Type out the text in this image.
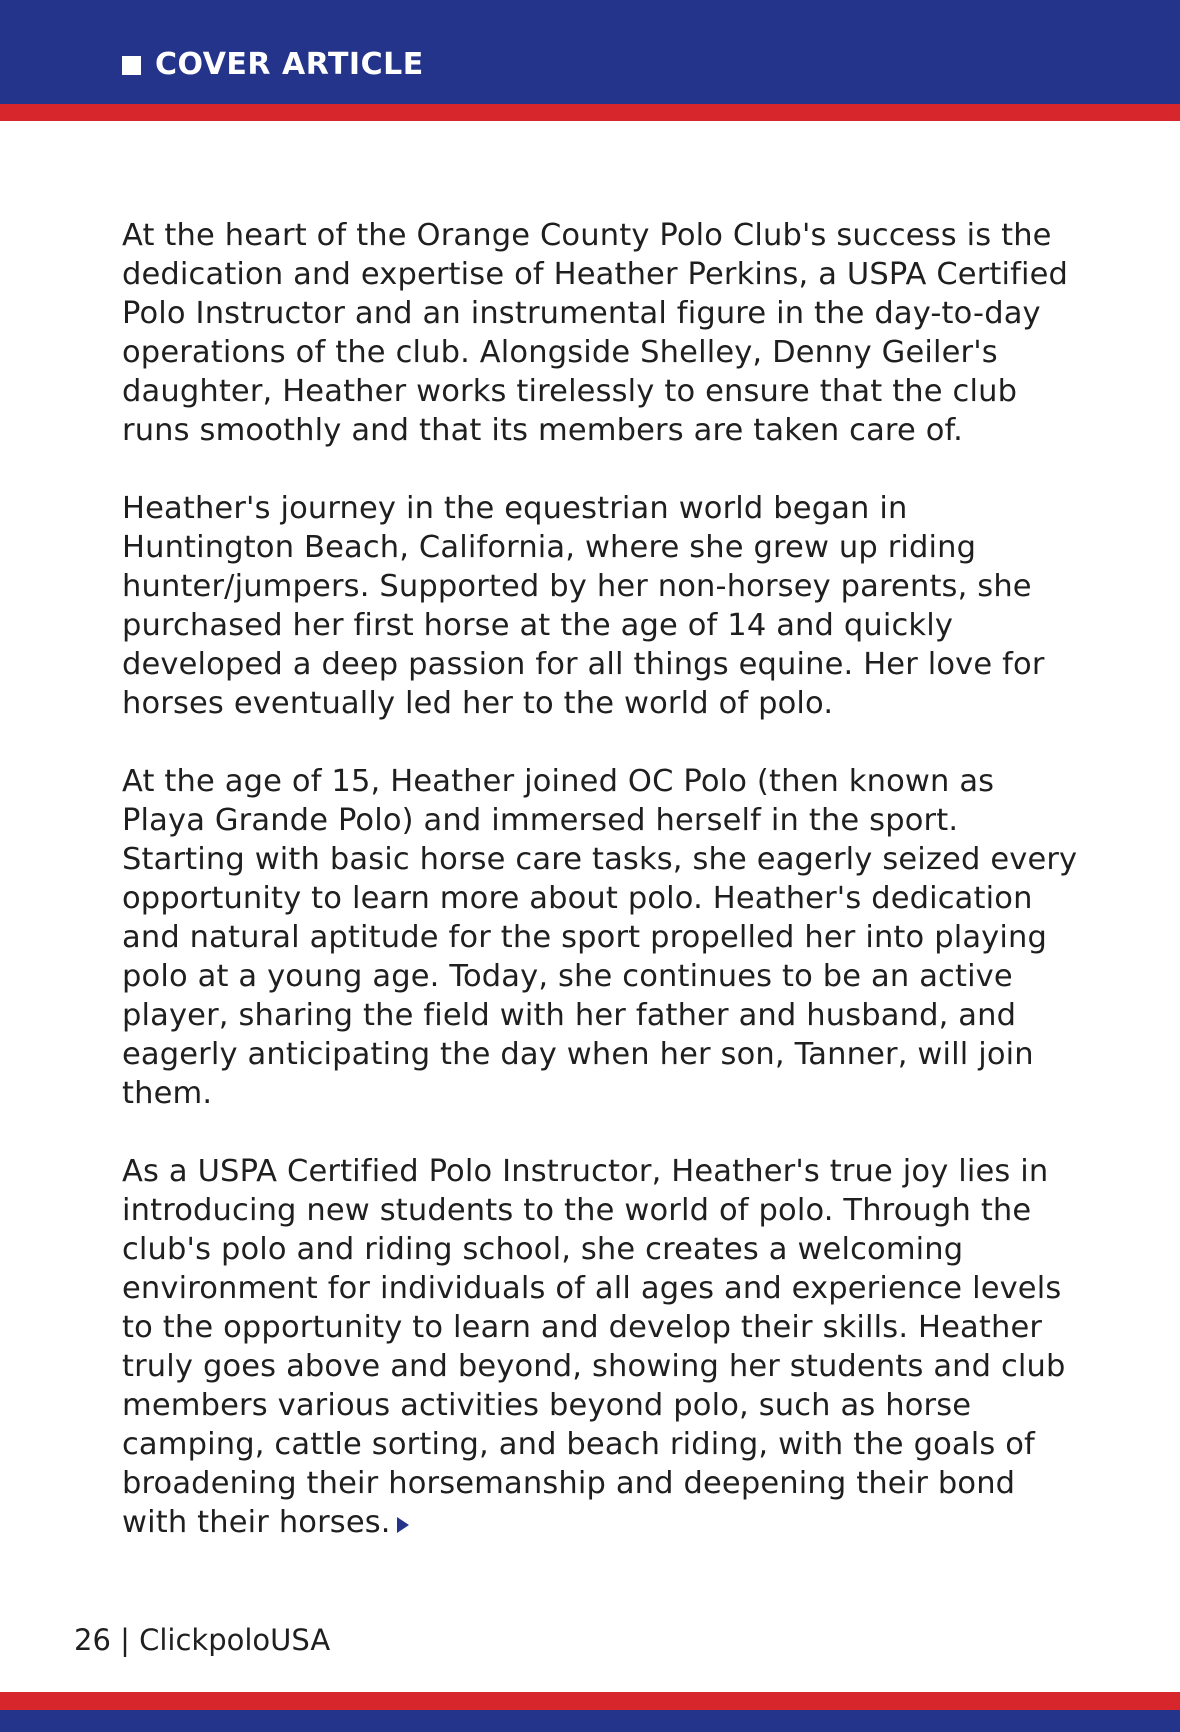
COVER ARTICLE

At the heart of the Orange County Polo Club's success is the dedication and expertise of Heather Perkins, a USPA Certified Polo Instructor and an instrumental figure in the day-to-day operations of the club. Alongside Shelley, Denny Geiler's daughter, Heather works tirelessly to ensure that the club runs smoothly and that its members are taken care of.

Heather's journey in the equestrian world began in Huntington Beach, California, where she grew up riding hunter/jumpers. Supported by her non-horsey parents, she purchased her first horse at the age of 14 and quickly developed a deep passion for all things equine. Her love for horses eventually led her to the world of polo.

At the age of 15, Heather joined OC Polo (then known as Playa Grande Polo) and immersed herself in the sport. Starting with basic horse care tasks, she eagerly seized every opportunity to learn more about polo. Heather's dedication and natural aptitude for the sport propelled her into playing polo at a young age. Today, she continues to be an active player, sharing the field with her father and husband, and eagerly anticipating the day when her son, Tanner, will join them.

As a USPA Certified Polo Instructor, Heather's true joy lies in introducing new students to the world of polo. Through the club's polo and riding school, she creates a welcoming environment for individuals of all ages and experience levels to the opportunity to learn and develop their skills. Heather truly goes above and beyond, showing her students and club members various activities beyond polo, such as horse camping, cattle sorting, and beach riding, with the goals of broadening their horsemanship and deepening their bond with their horses.

26 | ClickpoloUSA
